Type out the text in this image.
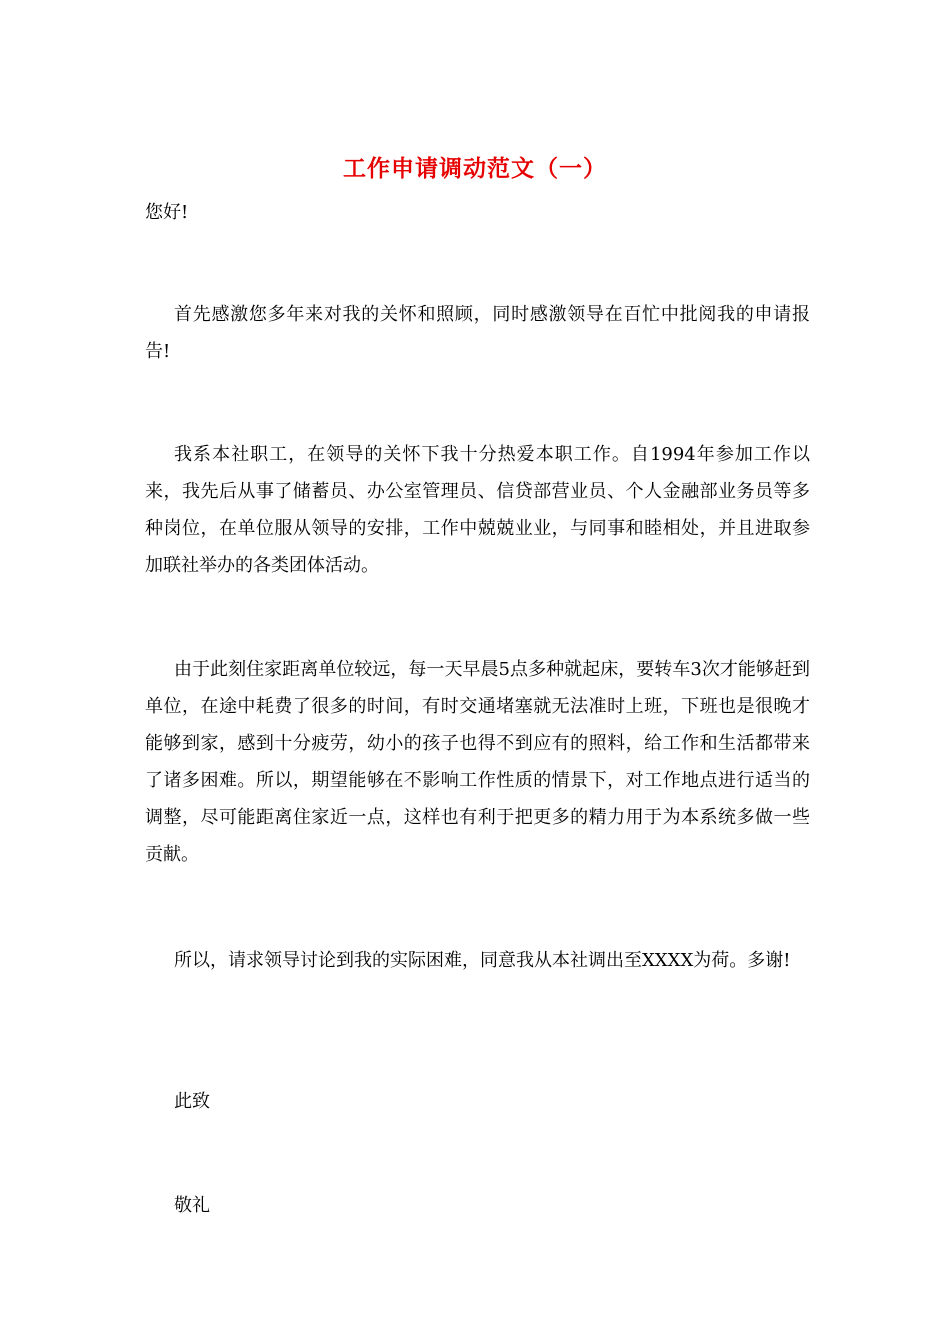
工作申请调动范文（一）
您好!

首先感激您多年来对我的关怀和照顾，同时感激领导在百忙中批阅我的申请报告!

我系本社职工，在领导的关怀下我十分热爱本职工作。自1994年参加工作以来，我先后从事了储蓄员、办公室管理员、信贷部营业员、个人金融部业务员等多种岗位，在单位服从领导的安排，工作中兢兢业业，与同事和睦相处，并且进取参加联社举办的各类团体活动。

由于此刻住家距离单位较远，每一天早晨5点多种就起床，要转车3次才能够赶到单位，在途中耗费了很多的时间，有时交通堵塞就无法准时上班，下班也是很晚才能够到家，感到十分疲劳，幼小的孩子也得不到应有的照料，给工作和生活都带来了诸多困难。所以，期望能够在不影响工作性质的情景下，对工作地点进行适当的调整，尽可能距离住家近一点，这样也有利于把更多的精力用于为本系统多做一些贡献。

所以，请求领导讨论到我的实际困难，同意我从本社调出至XXXX为荷。多谢!

此致
敬礼
